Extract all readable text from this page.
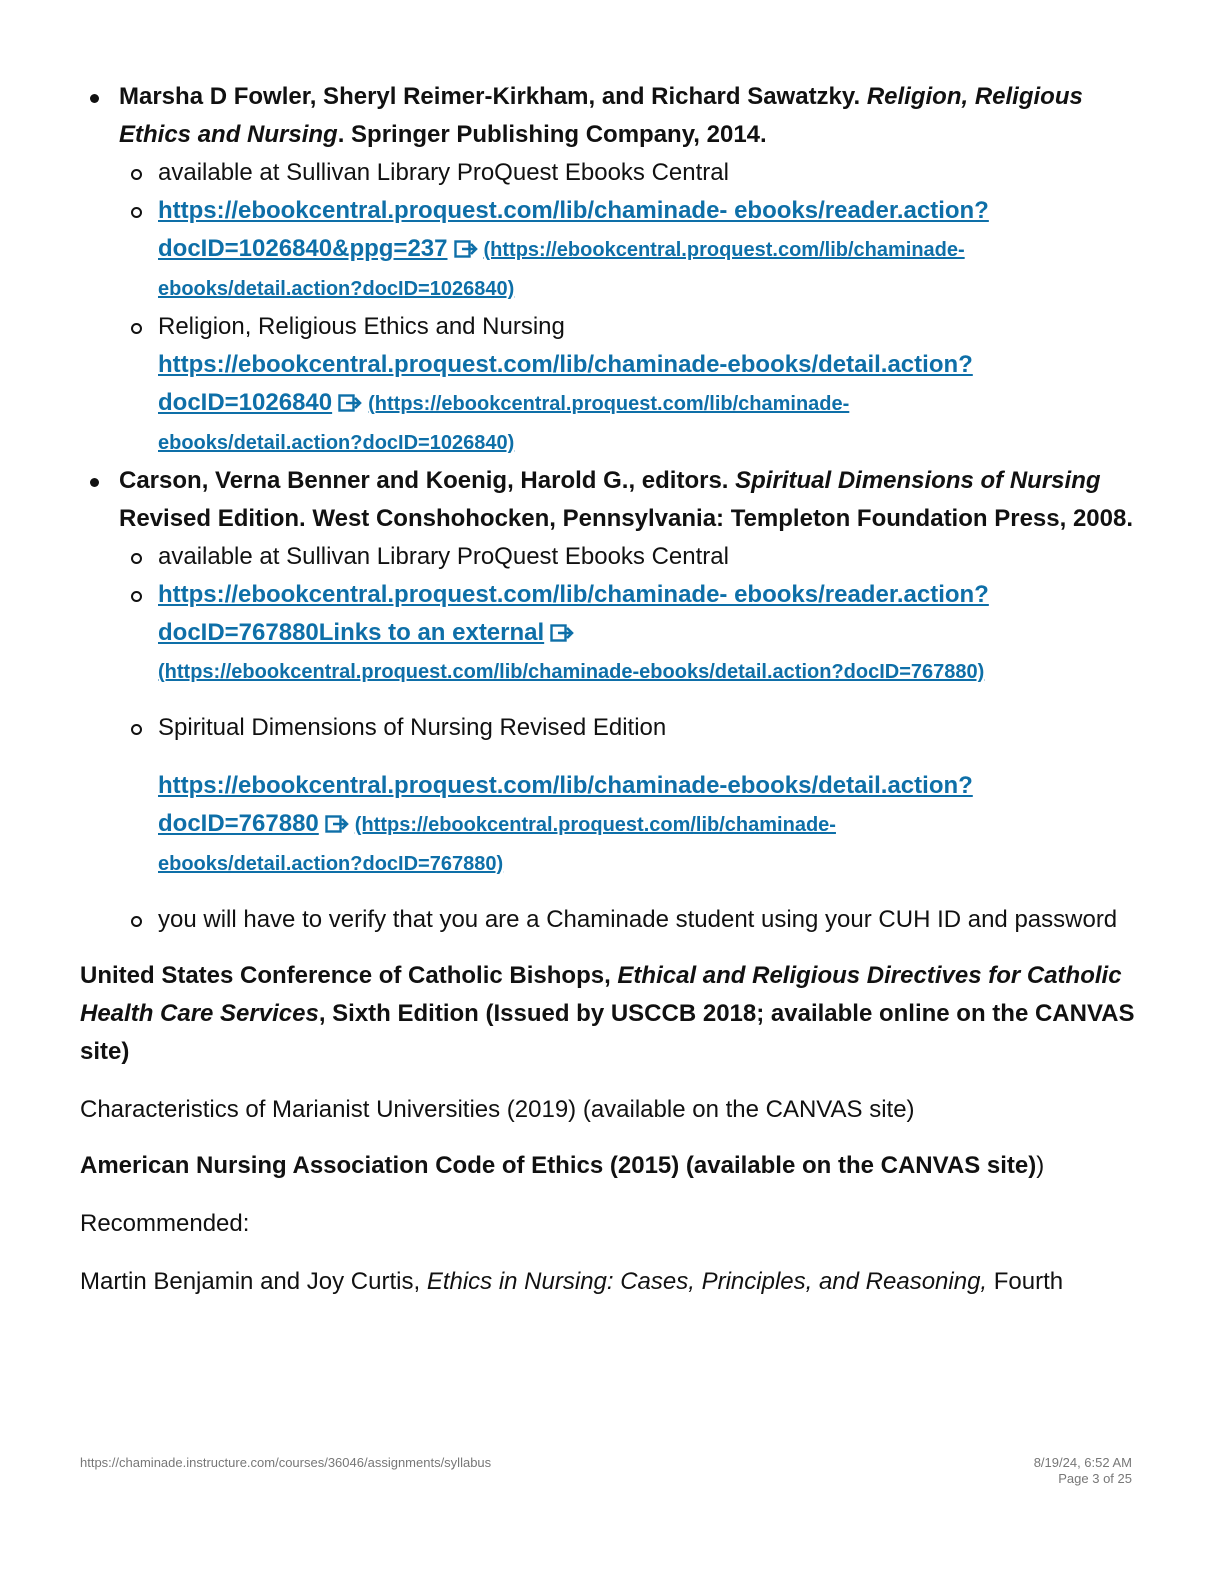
Marsha D Fowler, Sheryl Reimer-Kirkham, and Richard Sawatzky. Religion, Religious Ethics and Nursing. Springer Publishing Company, 2014.
available at Sullivan Library ProQuest Ebooks Central
https://ebookcentral.proquest.com/lib/chaminade- ebooks/reader.action?
docID=1026840&ppg=237 (https://ebookcentral.proquest.com/lib/chaminade-
ebooks/detail.action?docID=1026840)
Religion, Religious Ethics and Nursing
https://ebookcentral.proquest.com/lib/chaminade-ebooks/detail.action?
docID=1026840 (https://ebookcentral.proquest.com/lib/chaminade-
ebooks/detail.action?docID=1026840)
Carson, Verna Benner and Koenig, Harold G., editors. Spiritual Dimensions of Nursing Revised Edition. West Conshohocken, Pennsylvania: Templeton Foundation Press, 2008.
available at Sullivan Library ProQuest Ebooks Central
https://ebookcentral.proquest.com/lib/chaminade- ebooks/reader.action?
docID=767880Links to an external
(https://ebookcentral.proquest.com/lib/chaminade-ebooks/detail.action?docID=767880)
Spiritual Dimensions of Nursing Revised Edition
https://ebookcentral.proquest.com/lib/chaminade-ebooks/detail.action?
docID=767880 (https://ebookcentral.proquest.com/lib/chaminade-
ebooks/detail.action?docID=767880)
you will have to verify that you are a Chaminade student using your CUH ID and password

United States Conference of Catholic Bishops, Ethical and Religious Directives for Catholic Health Care Services, Sixth Edition (Issued by USCCB 2018; available online on the CANVAS site)

Characteristics of Marianist Universities (2019) (available on the CANVAS site)

American Nursing Association Code of Ethics (2015) (available on the CANVAS site))

Recommended:

Martin Benjamin and Joy Curtis, Ethics in Nursing: Cases, Principles, and Reasoning, Fourth

https://chaminade.instructure.com/courses/36046/assignments/syllabus	8/19/24, 6:52 AM
Page 3 of 25
